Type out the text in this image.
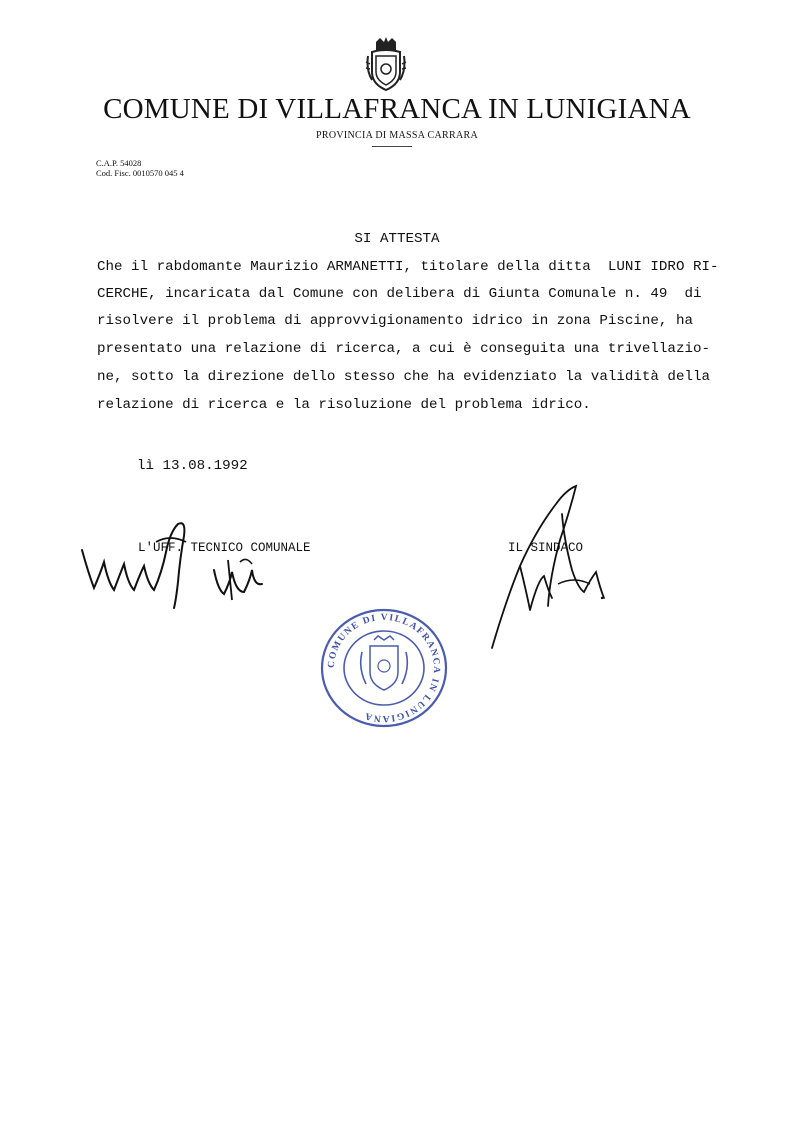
COMUNE DI VILLAFRANCA IN LUNIGIANA
PROVINCIA DI MASSA CARRARA
C.A.P. 54028
Cod. Fisc. 0010570 045 4
SI ATTESTA
Che il rabdomante Maurizio ARMANETTI, titolare della ditta  LUNI IDRO RI-
CERCHE, incaricata dal Comune con delibera di Giunta Comunale n. 49  di
risolvere il problema di approvvigionamento idrico in zona Piscine, ha
presentato una relazione di ricerca, a cui è conseguita una trivellazio-
ne, sotto la direzione dello stesso che ha evidenziato la validità della
relazione di ricerca e la risoluzione del problema idrico.
lì 13.08.1992
L'UFF. TECNICO COMUNALE	IL SINDACO
COMUNE DI VILLAFRANCA IN LUNIGIANA
